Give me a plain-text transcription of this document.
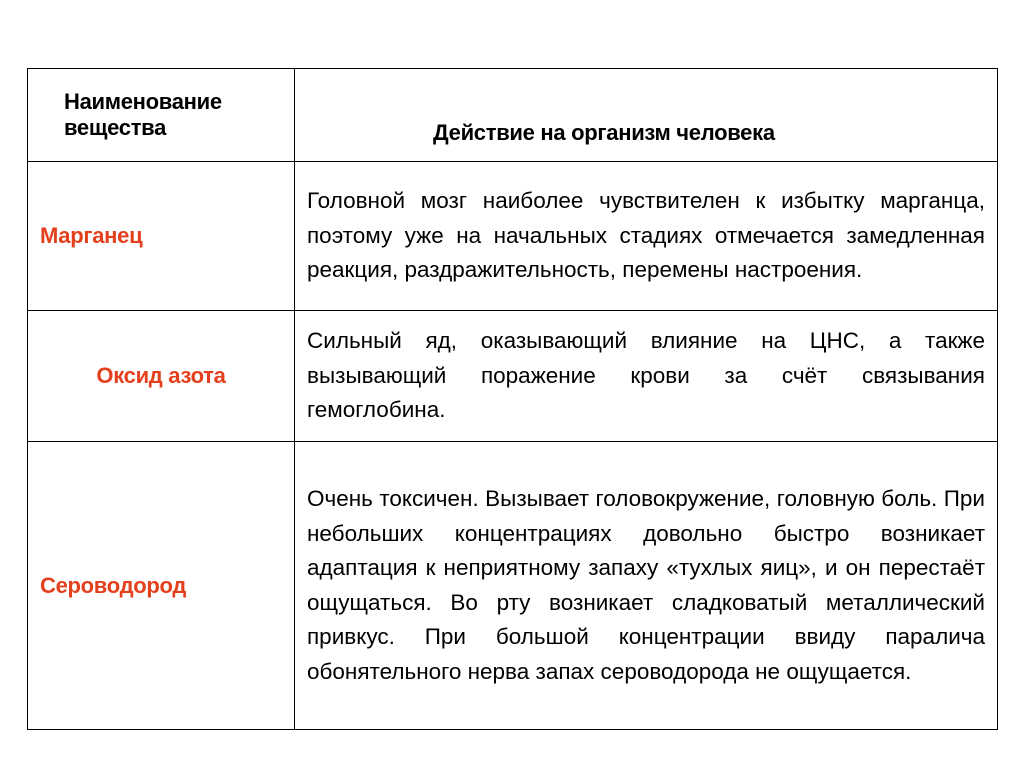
Наименование вещества	Действие на организм человека
Марганец	Головной мозг наиболее чувствителен к избытку марганца, поэтому уже на начальных стадиях отмечается замедленная реакция, раздражительность, перемены настроения.
Оксид азота	Сильный яд, оказывающий влияние на ЦНС, а также вызывающий поражение крови за счёт связывания гемоглобина.
Сероводород	Очень токсичен. Вызывает головокружение, головную боль. При небольших концентрациях довольно быстро возникает адаптация к неприятному запаху «тухлых яиц», и он перестаёт ощущаться. Во рту возникает сладковатый металлический привкус. При большой концентрации ввиду паралича обонятельного нерва запах сероводорода не ощущается.
